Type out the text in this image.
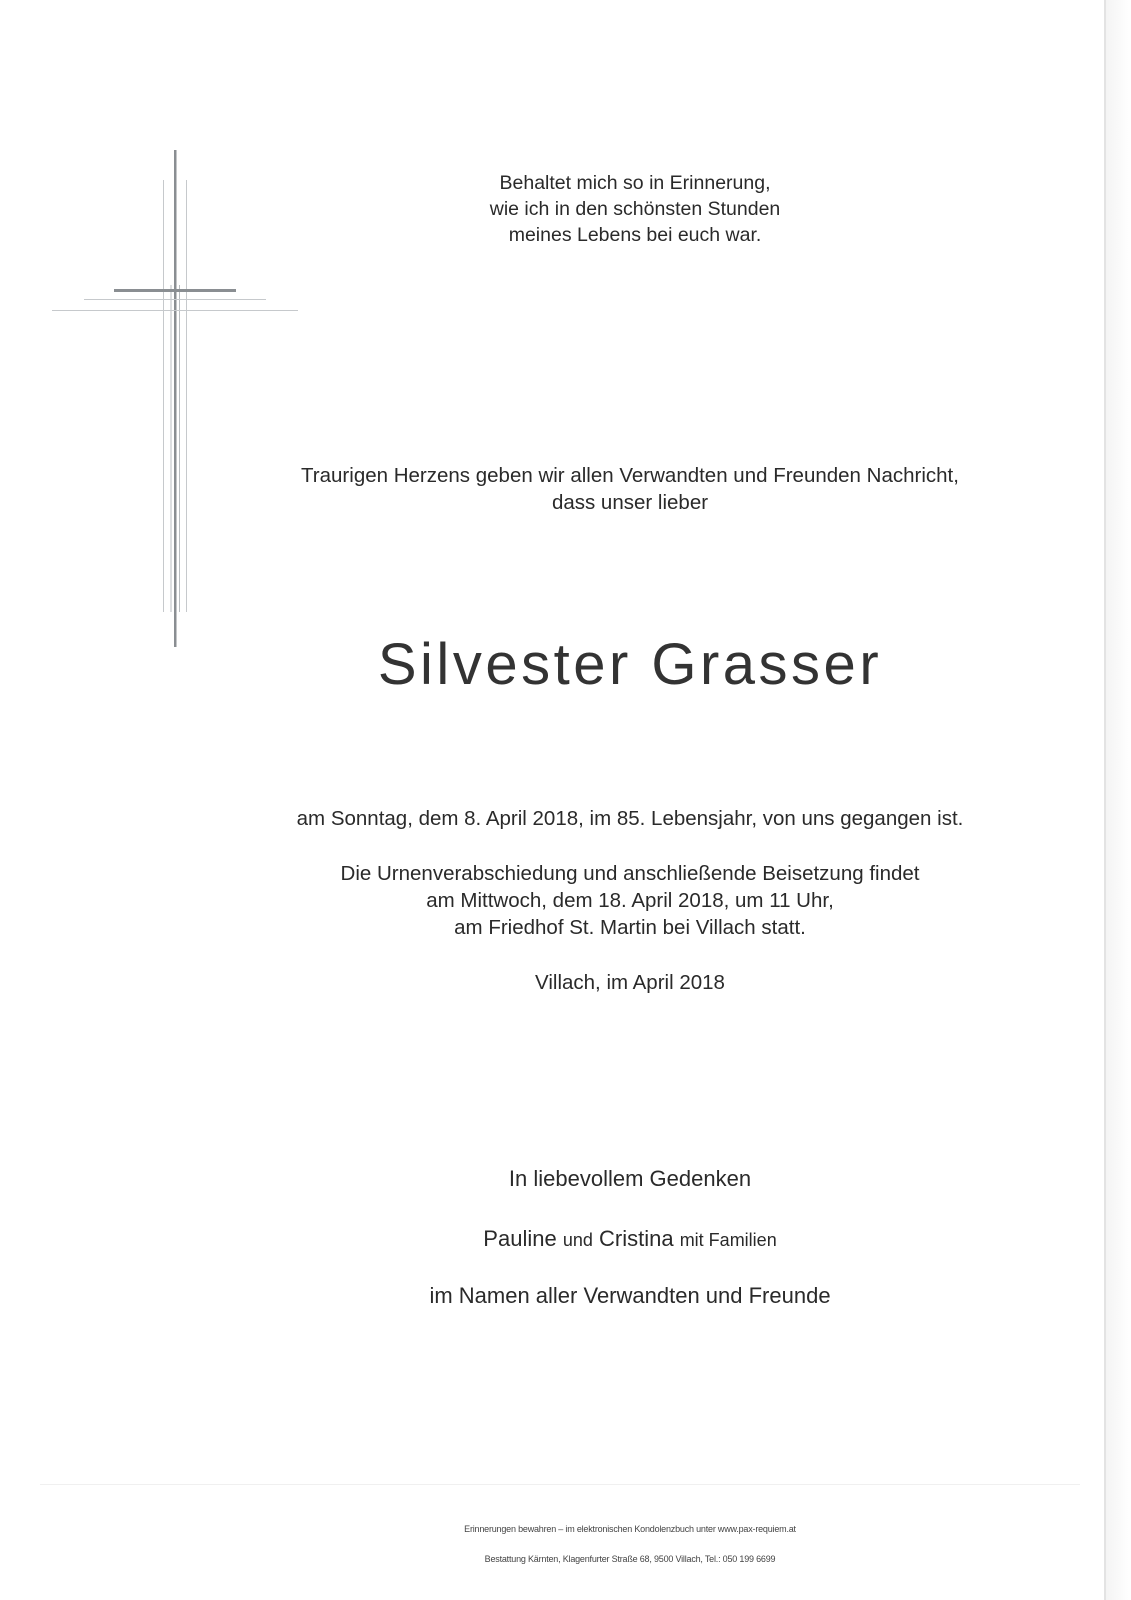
Behaltet mich so in Erinnerung,
wie ich in den schönsten Stunden
meines Lebens bei euch war.
Traurigen Herzens geben wir allen Verwandten und Freunden Nachricht,
dass unser lieber
Silvester Grasser
am Sonntag, dem 8. April 2018, im 85. Lebensjahr, von uns gegangen ist.
Die Urnenverabschiedung und anschließende Beisetzung findet
am Mittwoch, dem 18. April 2018, um 11 Uhr,
am Friedhof St. Martin bei Villach statt.
Villach, im April 2018
In liebevollem Gedenken
Pauline und Cristina mit Familien
im Namen aller Verwandten und Freunde
Erinnerungen bewahren – im elektronischen Kondolenzbuch unter www.pax-requiem.at
Bestattung Kärnten, Klagenfurter Straße 68, 9500 Villach, Tel.: 050 199 6699
